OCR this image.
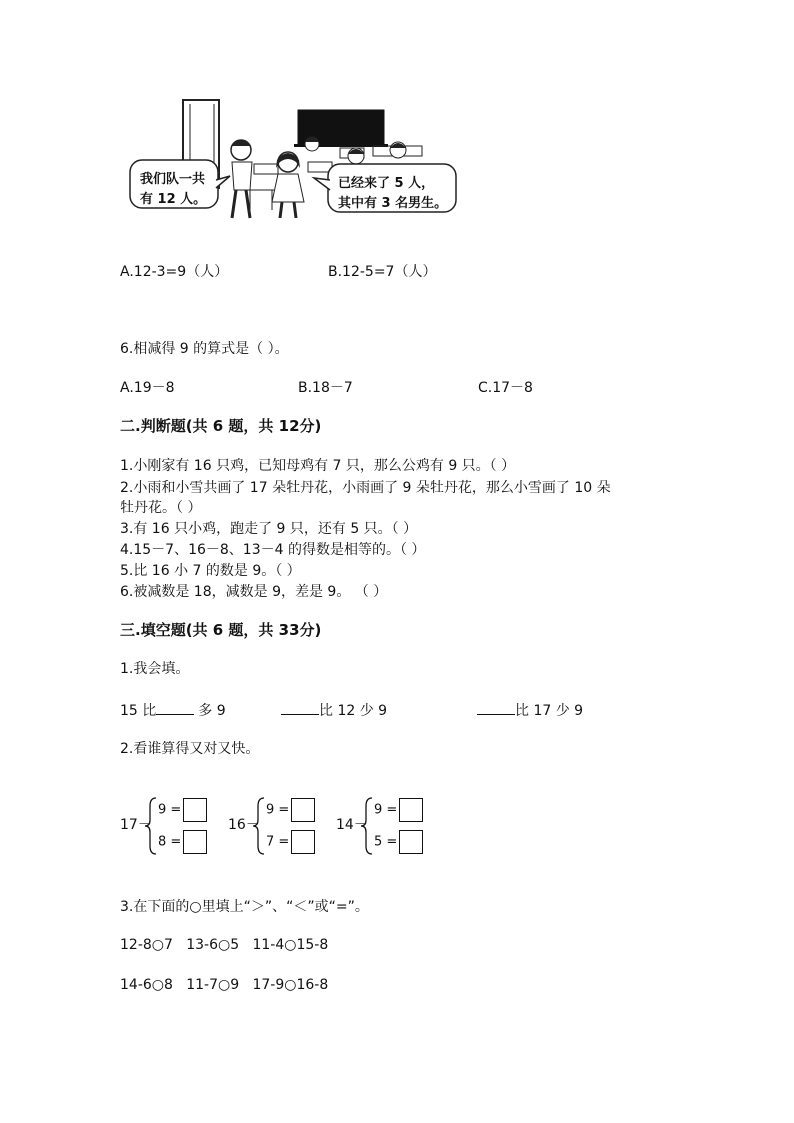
我们队一共
有 12 人。
已经来了 5 人，
其中有 3 名男生。
A.12-3=9（人）	B.12-5=7（人）
6.相减得 9 的算式是（ ）。
A.19－8	B.18－7	C.17－8
二.判断题(共 6 题，共 12分)
1.小刚家有 16 只鸡，已知母鸡有 7 只，那么公鸡有 9 只。（ ）
2.小雨和小雪共画了 17 朵牡丹花，小雨画了 9 朵牡丹花，那么小雪画了 10 朵
牡丹花。（ ）
3.有 16 只小鸡，跑走了 9 只，还有 5 只。（ ）
4.15－7、16－8、13－4 的得数是相等的。（ ）
5.比 16 小 7 的数是 9。（ ）
6.被减数是 18，减数是 9，差是 9。 （ ）
三.填空题(共 6 题，共 33分)
1.我会填。
15 比	多 9	比 12 少 9	比 17 少 9
2.看谁算得又对又快。
17－
9 =
8 =
16－
9 =
7 =
14－
9 =
5 =
3.在下面的○里填上“＞”、“＜”或“=”。
12-8○7   13-6○5   11-4○15-8
14-6○8   11-7○9   17-9○16-8
